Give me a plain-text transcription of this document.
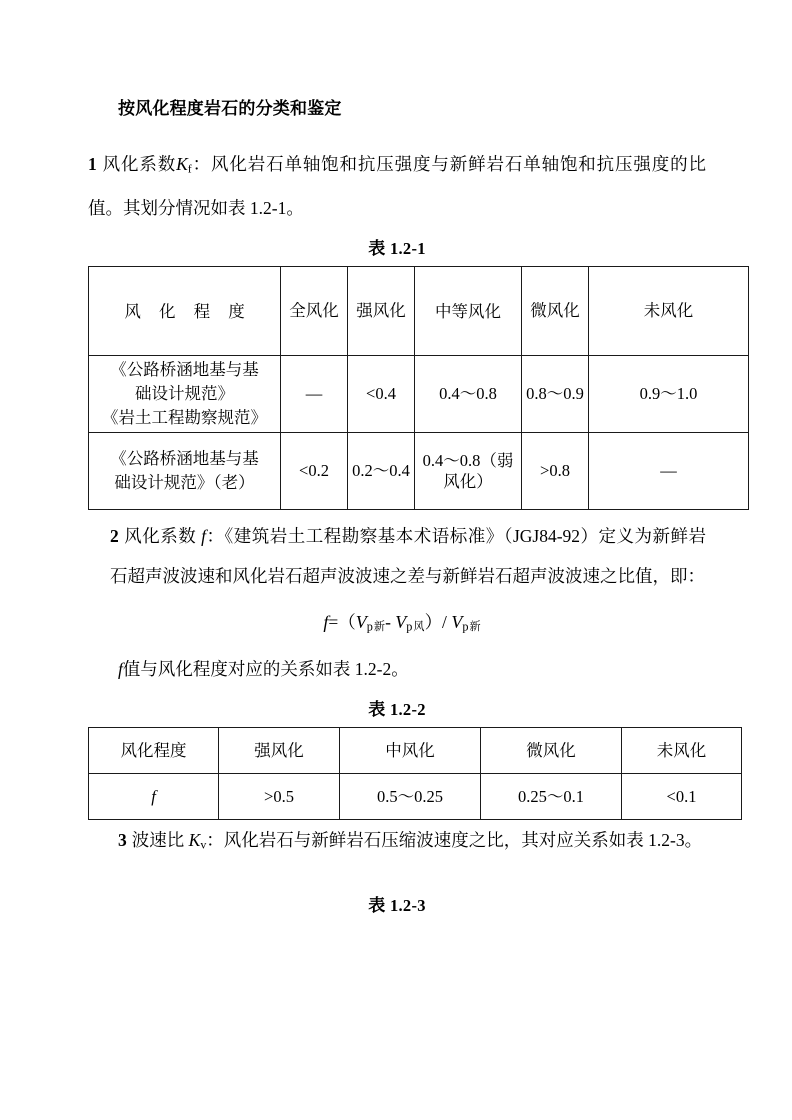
按风化程度岩石的分类和鉴定

1 风化系数$K_f$：风化岩石单轴饱和抗压强度与新鲜岩石单轴饱和抗压强度的比值。其划分情况如表 1.2-1。

表 1.2-1
风 化 程 度	全风化	强风化	中等风化	微风化	未风化

《公路桥涵地基与基
础设计规范》
《岩土工程勘察规范》	—	<0.4	0.4～0.8	0.8～0.9	0.9～1.0

《公路桥涵地基与基
础设计规范》（老）	<0.2	0.2～0.4	0.4～0.8（弱风化）	>0.8	—

2 风化系数 f：《建筑岩土工程勘察基本术语标准》（JGJ84-92）定义为新鲜岩石超声波波速和风化岩石超声波波速之差与新鲜岩石超声波波速之比值，即：

$f=(V_{p新}-$ $V_{p风})/$ $V_{p新}$

f值与风化程度对应的关系如表 1.2-2。

表 1.2-2
风化程度	强风化	中风化	微风化	未风化
f	>0.5	0.5～0.25	0.25～0.1	<0.1

3 波速比 $K_v$：风化岩石与新鲜岩石压缩波速度之比，其对应关系如表 1.2-3。

表 1.2-3
